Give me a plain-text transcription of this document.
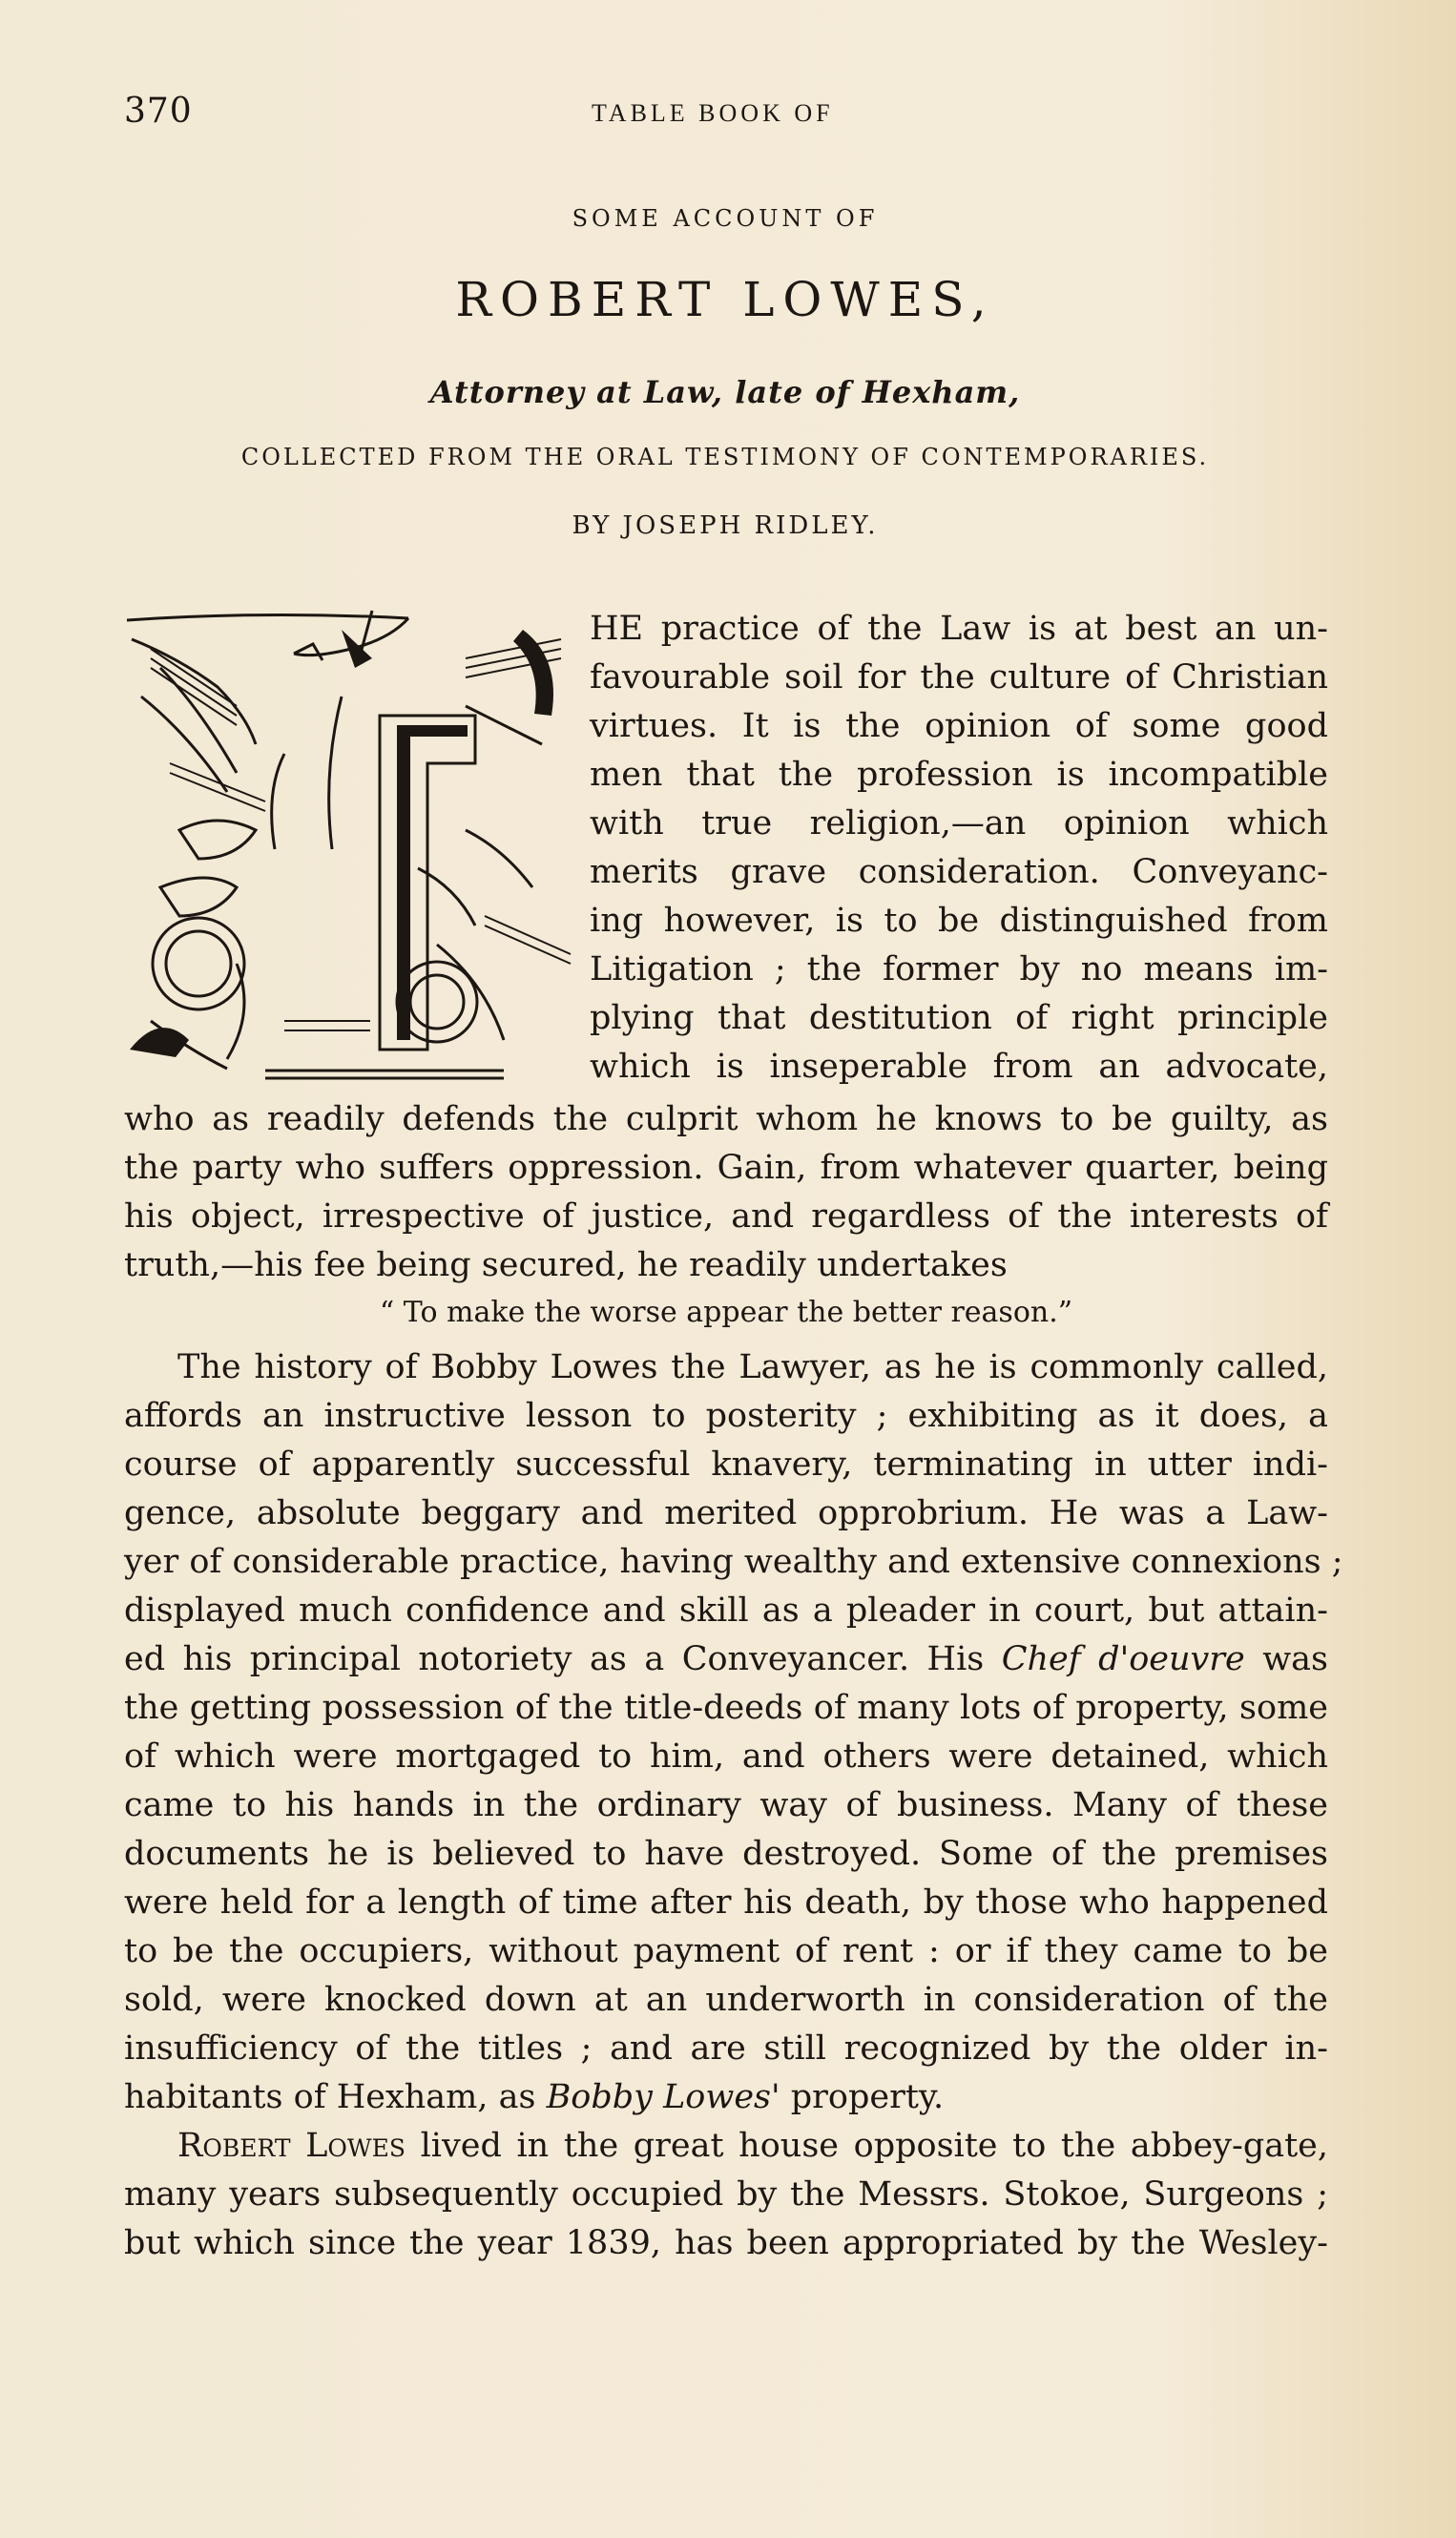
370	TABLE BOOK OF
SOME ACCOUNT OF
ROBERT LOWES,
Attorney at Law, late of Hexham,
COLLECTED FROM THE ORAL TESTIMONY OF CONTEMPORARIES.
BY JOSEPH RIDLEY.
HE practice of the Law is at best an un-
favourable soil for the culture of Christian
virtues. It is the opinion of some good
men that the profession is incompatible
with true religion,—an opinion which
merits grave consideration. Conveyanc-
ing however, is to be distinguished from
Litigation ; the former by no means im-
plying that destitution of right principle
which is inseperable from an advocate,
who as readily defends the culprit whom he knows to be guilty, as
the party who suffers oppression. Gain, from whatever quarter, being
his object, irrespective of justice, and regardless of the interests of
truth,—his fee being secured, he readily undertakes
“ To make the worse appear the better reason.”
The history of Bobby Lowes the Lawyer, as he is commonly called,
affords an instructive lesson to posterity ; exhibiting as it does, a
course of apparently successful knavery, terminating in utter indi-
gence, absolute beggary and merited opprobrium. He was a Law-
yer of considerable practice, having wealthy and extensive connexions ;
displayed much confidence and skill as a pleader in court, but attain-
ed his principal notoriety as a Conveyancer. His Chef d'oeuvre was
the getting possession of the title-deeds of many lots of property, some
of which were mortgaged to him, and others were detained, which
came to his hands in the ordinary way of business. Many of these
documents he is believed to have destroyed. Some of the premises
were held for a length of time after his death, by those who happened
to be the occupiers, without payment of rent : or if they came to be
sold, were knocked down at an underworth in consideration of the
insufficiency of the titles ; and are still recognized by the older in-
habitants of Hexham, as Bobby Lowes' property.
Robert Lowes lived in the great house opposite to the abbey-gate,
many years subsequently occupied by the Messrs. Stokoe, Surgeons ;
but which since the year 1839, has been appropriated by the Wesley-
